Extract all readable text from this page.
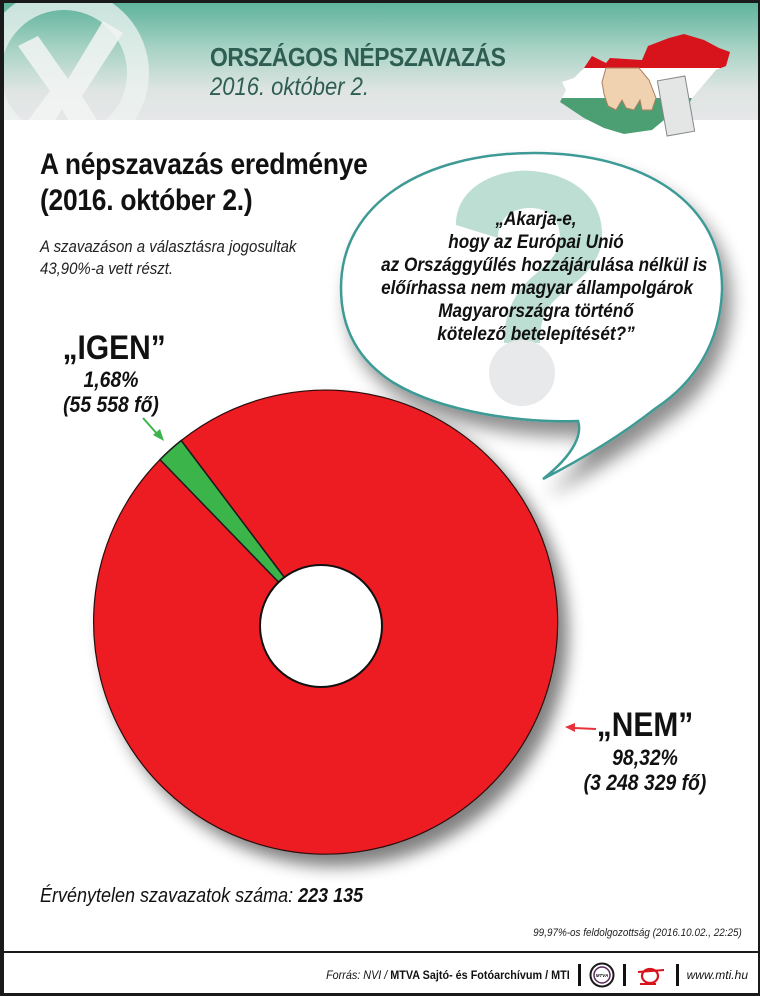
ORSZÁGOS NÉPSZAVAZÁS
2016. október 2.
A népszavazás eredménye
(2016. október 2.)
A szavazáson a választásra jogosultak
43,90%-a vett részt.
„Akarja-e,
hogy az Európai Unió
az Országgyűlés hozzájárulása nélkül is
előírhassa nem magyar állampolgárok
Magyarországra történő
kötelező betelepítését?”
„IGEN”
1,68%
(55 558 fő)
„NEM”
98,32%
(3 248 329 fő)
Érvénytelen szavazatok száma: 223 135
99,97%-os feldolgozottság (2016.10.02., 22:25)
Forrás: NVI / MTVA Sajtó- és Fotóarchívum / MTI	MTVA	www.mti.hu
